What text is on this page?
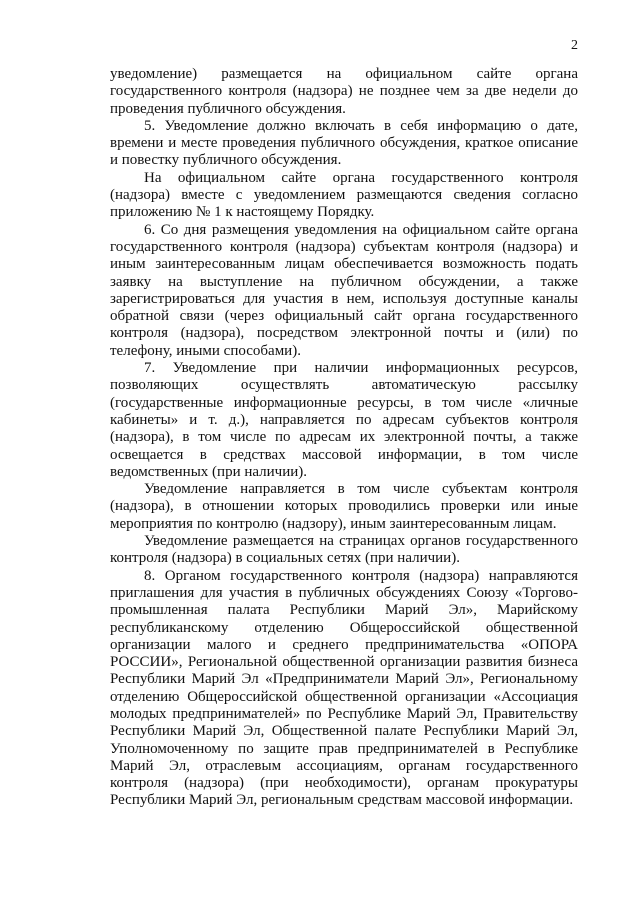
2

уведомление) размещается на официальном сайте органа государственного контроля (надзора) не позднее чем за две недели до проведения публичного обсуждения.

5. Уведомление должно включать в себя информацию о дате, времени и месте проведения публичного обсуждения, краткое описание и повестку публичного обсуждения.

На официальном сайте органа государственного контроля (надзора) вместе с уведомлением размещаются сведения согласно приложению № 1 к настоящему Порядку.

6. Со дня размещения уведомления на официальном сайте органа государственного контроля (надзора) субъектам контроля (надзора) и иным заинтересованным лицам обеспечивается возможность подать заявку на выступление на публичном обсуждении, а также зарегистрироваться для участия в нем, используя доступные каналы обратной связи (через официальный сайт органа государственного контроля (надзора), посредством электронной почты и (или) по телефону, иными способами).

7. Уведомление при наличии информационных ресурсов, позволяющих осуществлять автоматическую рассылку (государственные информационные ресурсы, в том числе «личные кабинеты» и т. д.), направляется по адресам субъектов контроля (надзора), в том числе по адресам их электронной почты, а также освещается в средствах массовой информации, в том числе ведомственных (при наличии).

Уведомление направляется в том числе субъектам контроля (надзора), в отношении которых проводились проверки или иные мероприятия по контролю (надзору), иным заинтересованным лицам.

Уведомление размещается на страницах органов государственного контроля (надзора) в социальных сетях (при наличии).

8. Органом государственного контроля (надзора) направляются приглашения для участия в публичных обсуждениях Союзу «Торгово-промышленная палата Республики Марий Эл», Марийскому республиканскому отделению Общероссийской общественной организации малого и среднего предпринимательства «ОПОРА РОССИИ», Региональной общественной организации развития бизнеса Республики Марий Эл «Предприниматели Марий Эл», Региональному отделению Общероссийской общественной организации «Ассоциация молодых предпринимателей» по Республике Марий Эл, Правительству Республики Марий Эл, Общественной палате Республики Марий Эл, Уполномоченному по защите прав предпринимателей в Республике Марий Эл, отраслевым ассоциациям, органам государственного контроля (надзора) (при необходимости), органам прокуратуры Республики Марий Эл, региональным средствам массовой информации.
